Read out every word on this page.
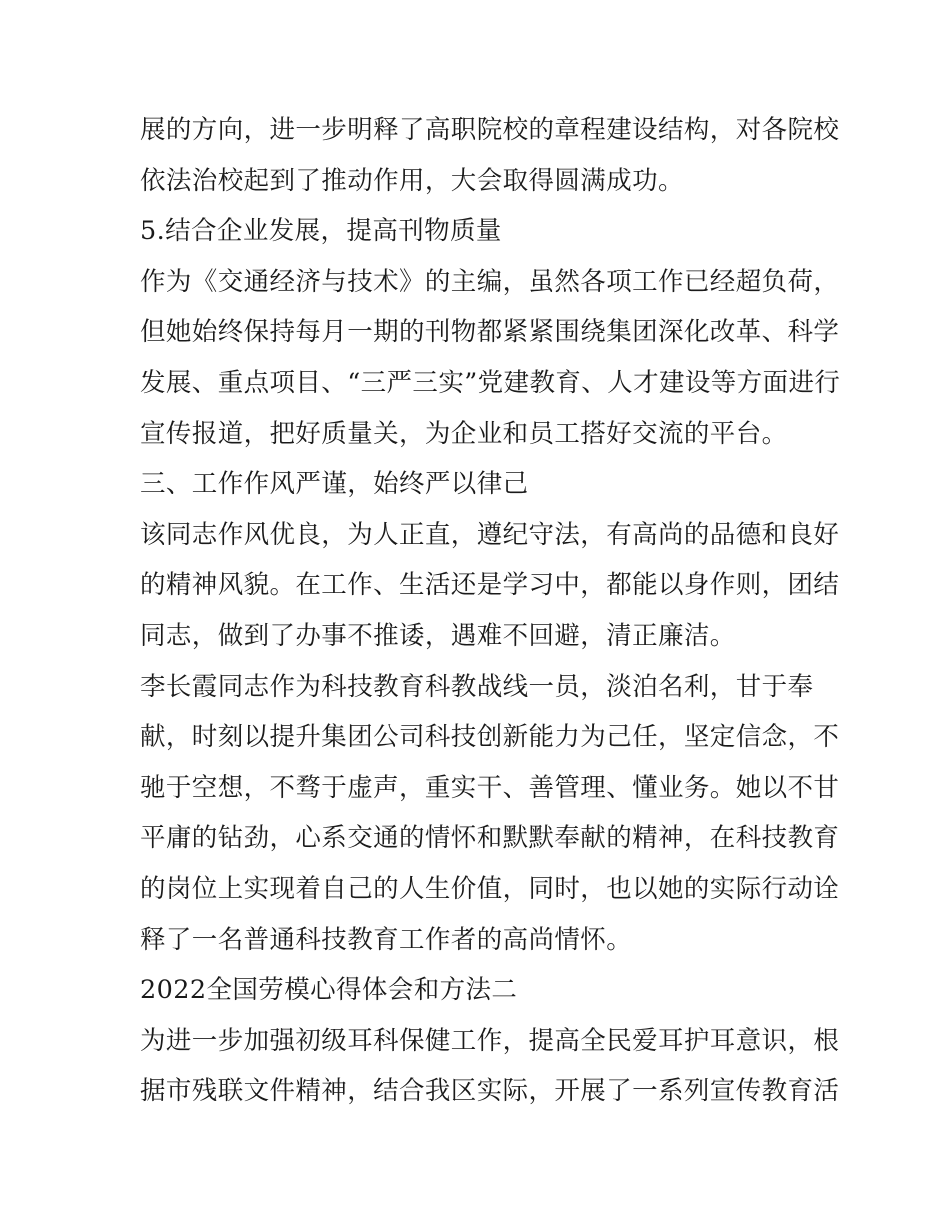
展的方向，进一步明释了高职院校的章程建设结构，对各院校
依法治校起到了推动作用，大会取得圆满成功。
5.结合企业发展，提高刊物质量
作为《交通经济与技术》的主编，虽然各项工作已经超负荷，
但她始终保持每月一期的刊物都紧紧围绕集团深化改革、科学
发展、重点项目、“三严三实”党建教育、人才建设等方面进行
宣传报道，把好质量关，为企业和员工搭好交流的平台。
三、工作作风严谨，始终严以律己
该同志作风优良，为人正直，遵纪守法，有高尚的品德和良好
的精神风貌。在工作、生活还是学习中，都能以身作则，团结
同志，做到了办事不推诿，遇难不回避，清正廉洁。
李长霞同志作为科技教育科教战线一员，淡泊名利，甘于奉
献，时刻以提升集团公司科技创新能力为己任，坚定信念，不
驰于空想，不骛于虚声，重实干、善管理、懂业务。她以不甘
平庸的钻劲，心系交通的情怀和默默奉献的精神，在科技教育
的岗位上实现着自己的人生价值，同时，也以她的实际行动诠
释了一名普通科技教育工作者的高尚情怀。
2022全国劳模心得体会和方法二
为进一步加强初级耳科保健工作，提高全民爱耳护耳意识，根
据市残联文件精神，结合我区实际，开展了一系列宣传教育活
